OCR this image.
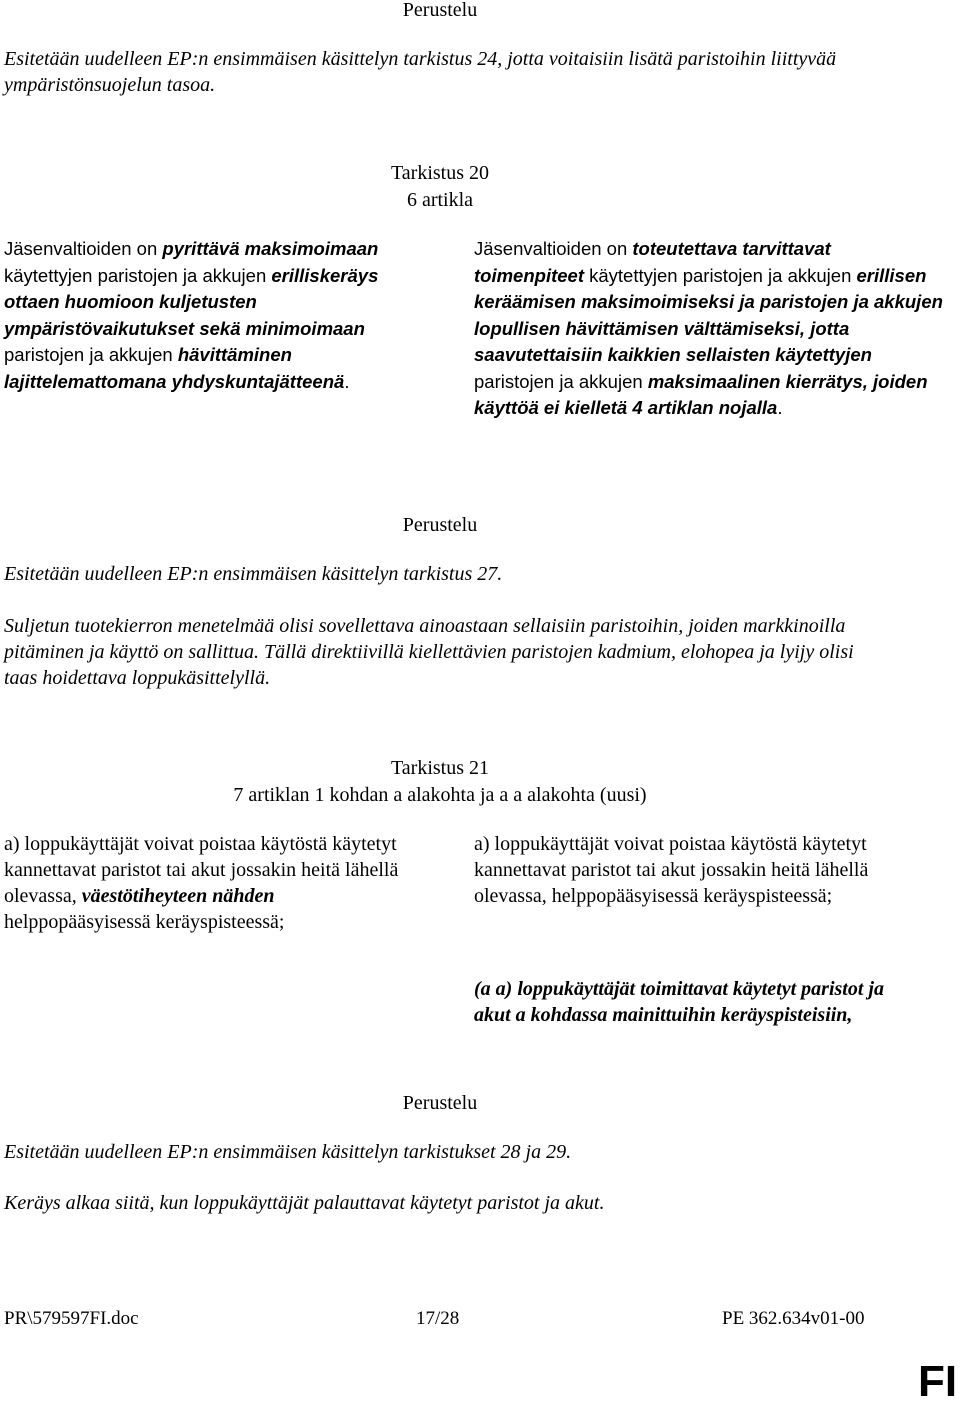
Perustelu

Esitetään uudelleen EP:n ensimmäisen käsittelyn tarkistus 24, jotta voitaisiin lisätä paristoihin liittyvää ympäristönsuojelun tasoa.

Tarkistus 20

6 artikla

Jäsenvaltioiden on pyrittävä maksimoimaan käytettyjen paristojen ja akkujen erilliskeräys ottaen huomioon kuljetusten ympäristövaikutukset sekä minimoimaan paristojen ja akkujen hävittäminen lajittelemattomana yhdyskuntajätteenä.

Jäsenvaltioiden on toteutettava tarvittavat toimenpiteet käytettyjen paristojen ja akkujen erillisen keräämisen maksimoimiseksi ja paristojen ja akkujen lopullisen hävittämisen välttämiseksi, jotta saavutettaisiin kaikkien sellaisten käytettyjen paristojen ja akkujen maksimaalinen kierrätys, joiden käyttöä ei kielletä 4 artiklan nojalla.

Perustelu

Esitetään uudelleen EP:n ensimmäisen käsittelyn tarkistus 27.

Suljetun tuotekierron menetelmää olisi sovellettava ainoastaan sellaisiin paristoihin, joiden markkinoilla pitäminen ja käyttö on sallittua. Tällä direktiivillä kiellettävien paristojen kadmium, elohopea ja lyijy olisi taas hoidettava loppukäsittelyllä.

Tarkistus 21

7 artiklan 1 kohdan a alakohta ja a a alakohta (uusi)

a) loppukäyttäjät voivat poistaa käytöstä käytetyt kannettavat paristot tai akut jossakin heitä lähellä olevassa, väestötiheyteen nähden helppopääsyisessä keräyspisteessä;

a) loppukäyttäjät voivat poistaa käytöstä käytetyt kannettavat paristot tai akut jossakin heitä lähellä olevassa, helppopääsyisessä keräyspisteessä;

(a a) loppukäyttäjät toimittavat käytetyt paristot ja akut a kohdassa mainittuihin keräyspisteisiin,

Perustelu

Esitetään uudelleen EP:n ensimmäisen käsittelyn tarkistukset 28 ja 29.

Keräys alkaa siitä, kun loppukäyttäjät palauttavat käytetyt paristot ja akut.

PR\579597FI.doc	17/28	PE 362.634v01-00

FI
